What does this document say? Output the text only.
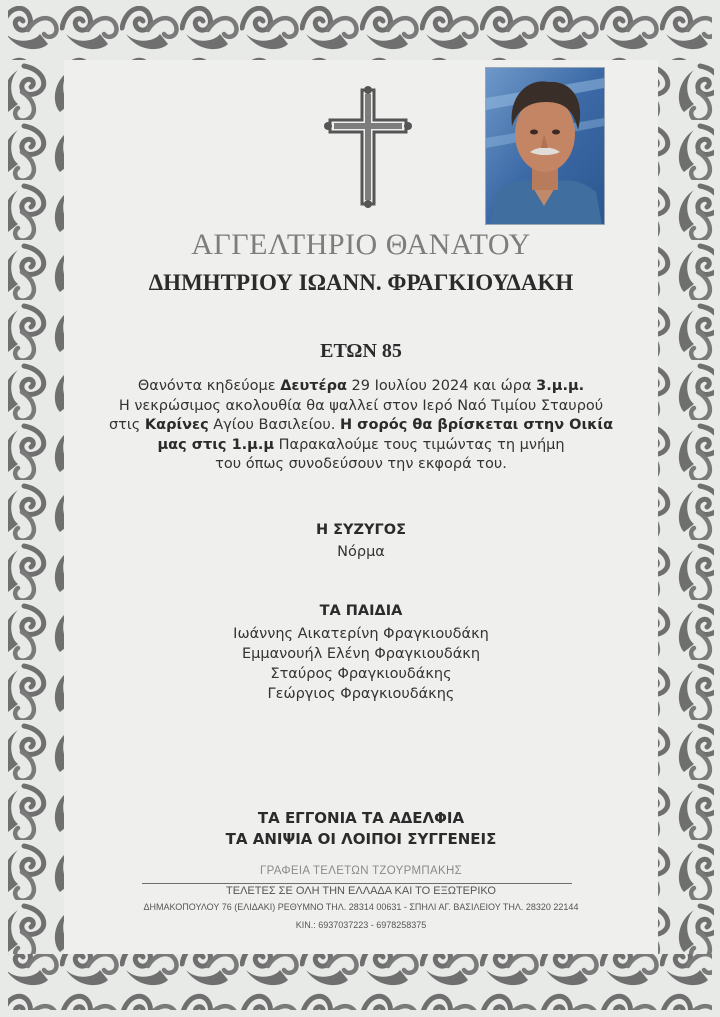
ΑΓΓΕΛΤΗΡΙΟ ΘΑΝΑΤΟΥ
ΔΗΜΗΤΡΙΟΥ ΙΩΑΝΝ. ΦΡΑΓΚΙΟΥΔΑΚΗ
ΕΤΩΝ 85
Θανόντα κηδεύομε Δευτέρα 29 Ιουλίου 2024 και ώρα 3.μ.μ.
Η νεκρώσιμος ακολουθία θα ψαλλεί στον Ιερό Ναό Τιμίου Σταυρού
στις Καρίνες Αγίου Βασιλείου. Η σορός θα βρίσκεται στην Οικία
μας στις 1.μ.μ Παρακαλούμε τους τιμώντας τη μνήμη
του όπως συνοδεύσουν την εκφορά του.
Η ΣΥΖΥΓΟΣ
Νόρμα
ΤΑ ΠΑΙΔΙΑ
Ιωάννης Αικατερίνη Φραγκιουδάκη
Εμμανουήλ Ελένη Φραγκιουδάκη
Σταύρος Φραγκιουδάκης
Γεώργιος Φραγκιουδάκης
ΤΑ ΕΓΓΟΝΙΑ ΤΑ ΑΔΕΛΦΙΑ
ΤΑ ΑΝΙΨΙΑ ΟΙ ΛΟΙΠΟΙ ΣΥΓΓΕΝΕΙΣ
ΓΡΑΦΕΙΑ ΤΕΛΕΤΩΝ ΤΖΟΥΡΜΠΑΚΗΣ
ΤΕΛΕΤΕΣ ΣΕ ΟΛΗ ΤΗΝ ΕΛΛΑΔΑ ΚΑΙ ΤΟ ΕΞΩΤΕΡΙΚΟ
ΔΗΜΑΚΟΠΟΥΛΟΥ 76 (ΕΛΙΔΑΚΙ) ΡΕΘΥΜΝΟ ΤΗΛ. 28314 00631 - ΣΠΗΛΙ ΑΓ. ΒΑΣΙΛΕΙΟΥ ΤΗΛ. 28320 22144
ΚΙΝ.: 6937037223 - 6978258375
